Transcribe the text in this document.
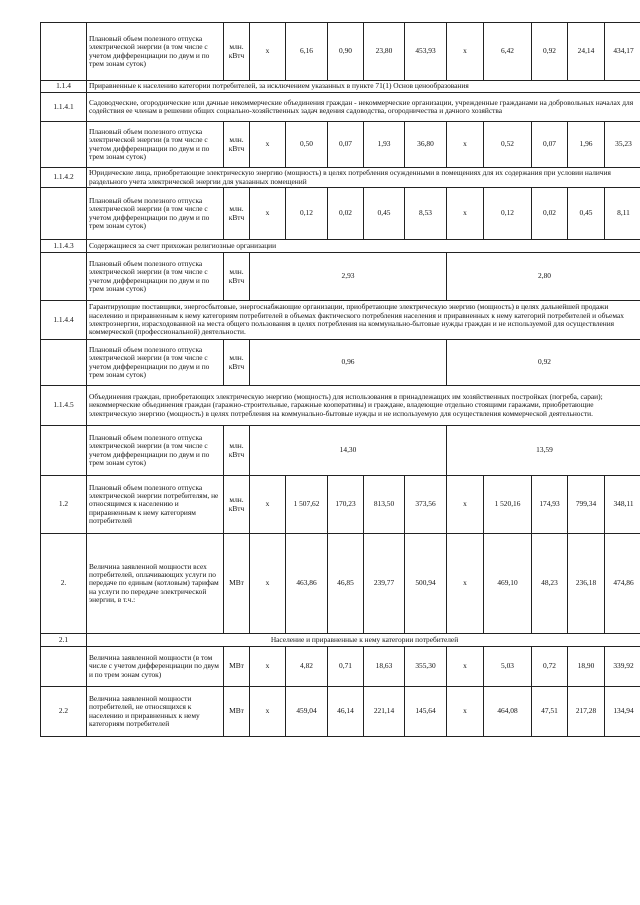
	Плановый объем полезного отпуска электрической энергии (в том числе с учетом дифференциации по двум и по трем зонам суток)	млн. кВтч	х	6,16	0,90	23,80	453,93	х	6,42	0,92	24,14	434,17
1.1.4	Приравненные к населению категории потребителей, за исключением указанных в пункте 71(1) Основ ценообразования											
1.1.4.1	Садоводческие, огороднические или дачные некоммерческие объединения граждан - некоммерческие организации, учрежденные гражданами на добровольных началах для содействия ее членам в решении общих социально-хозяйственных задач ведения садоводства, огородничества и дачного хозяйства											
	Плановый объем полезного отпуска электрической энергии (в том числе с учетом дифференциации по двум и по трем зонам суток)	млн. кВтч	х	0,50	0,07	1,93	36,80	х	0,52	0,07	1,96	35,23
1.1.4.2	Юридические лица, приобретающие электрическую энергию (мощность) в целях потребления осужденными в помещениях для их содержания при условии наличия раздельного учета электрической энергии для указанных помещений											
	Плановый объем полезного отпуска электрической энергии (в том числе с учетом дифференциации по двум и по трем зонам суток)	млн. кВтч	х	0,12	0,02	0,45	8,53	х	0,12	0,02	0,45	8,11
1.1.4.3	Содержащиеся за счет прихожан религиозные организации											
	Плановый объем полезного отпуска электрической энергии (в том числе с учетом дифференциации по двум и по трем зонам суток)	млн. кВтч	2,93					2,80				
1.1.4.4	Гарантирующие поставщики, энергосбытовые, энергоснабжающие организации, приобретающие электрическую энергию (мощность) в целях дальнейшей продажи населению и приравненным к нему категориям потребителей в объемах фактического потребления населения и приравненных к нему категорий потребителей и объемах электроэнергии, израсходованной на места общего пользования в целях потребления на коммунально-бытовые нужды граждан и не используемой для осуществления коммерческой (профессиональной) деятельности.											
	Плановый объем полезного отпуска электрической энергии (в том числе с учетом дифференциации по двум и по трем зонам суток)	млн. кВтч	0,96					0,92				
1.1.4.5	Объединения граждан, приобретающих электрическую энергию (мощность) для использования в принадлежащих им хозяйственных постройках (погреба, сараи); некоммерческие объединения граждан (гаражно-строительные, гаражные кооперативы) и граждане, владеющие отдельно стоящими гаражами, приобретающие электрическую энергию (мощность) в целях потребления на коммунально-бытовые нужды и не используемую для осуществления коммерческой деятельности.											
	Плановый объем полезного отпуска электрической энергии (в том числе с учетом дифференциации по двум и по трем зонам суток)	млн. кВтч	14,30					13,59				
1.2	Плановый объем полезного отпуска электрической энергии потребителям, не относящимся к населению и приравненным к нему категориям потребителей	млн. кВтч	х	1 507,62	170,23	813,50	373,56	х	1 520,16	174,93	799,34	348,11
2.	Величина заявленной мощности всех потребителей, оплачивающих услуги по передаче по единым (котловым) тарифам на услуги по передаче электрической энергии, в т.ч.:	МВт	х	463,86	46,85	239,77	500,94	х	469,10	48,23	236,18	474,86
2.1	Население и приравненные к нему категории потребителей											
	Величина заявленной мощности (в том числе с учетом дифференциации по двум и по трем зонам суток)	МВт	х	4,82	0,71	18,63	355,30	х	5,03	0,72	18,90	339,92
2.2	Величина заявленной мощности потребителей, не относящихся к населению и приравненных к нему категориям потребителей	МВт	х	459,04	46,14	221,14	145,64	х	464,08	47,51	217,28	134,94
